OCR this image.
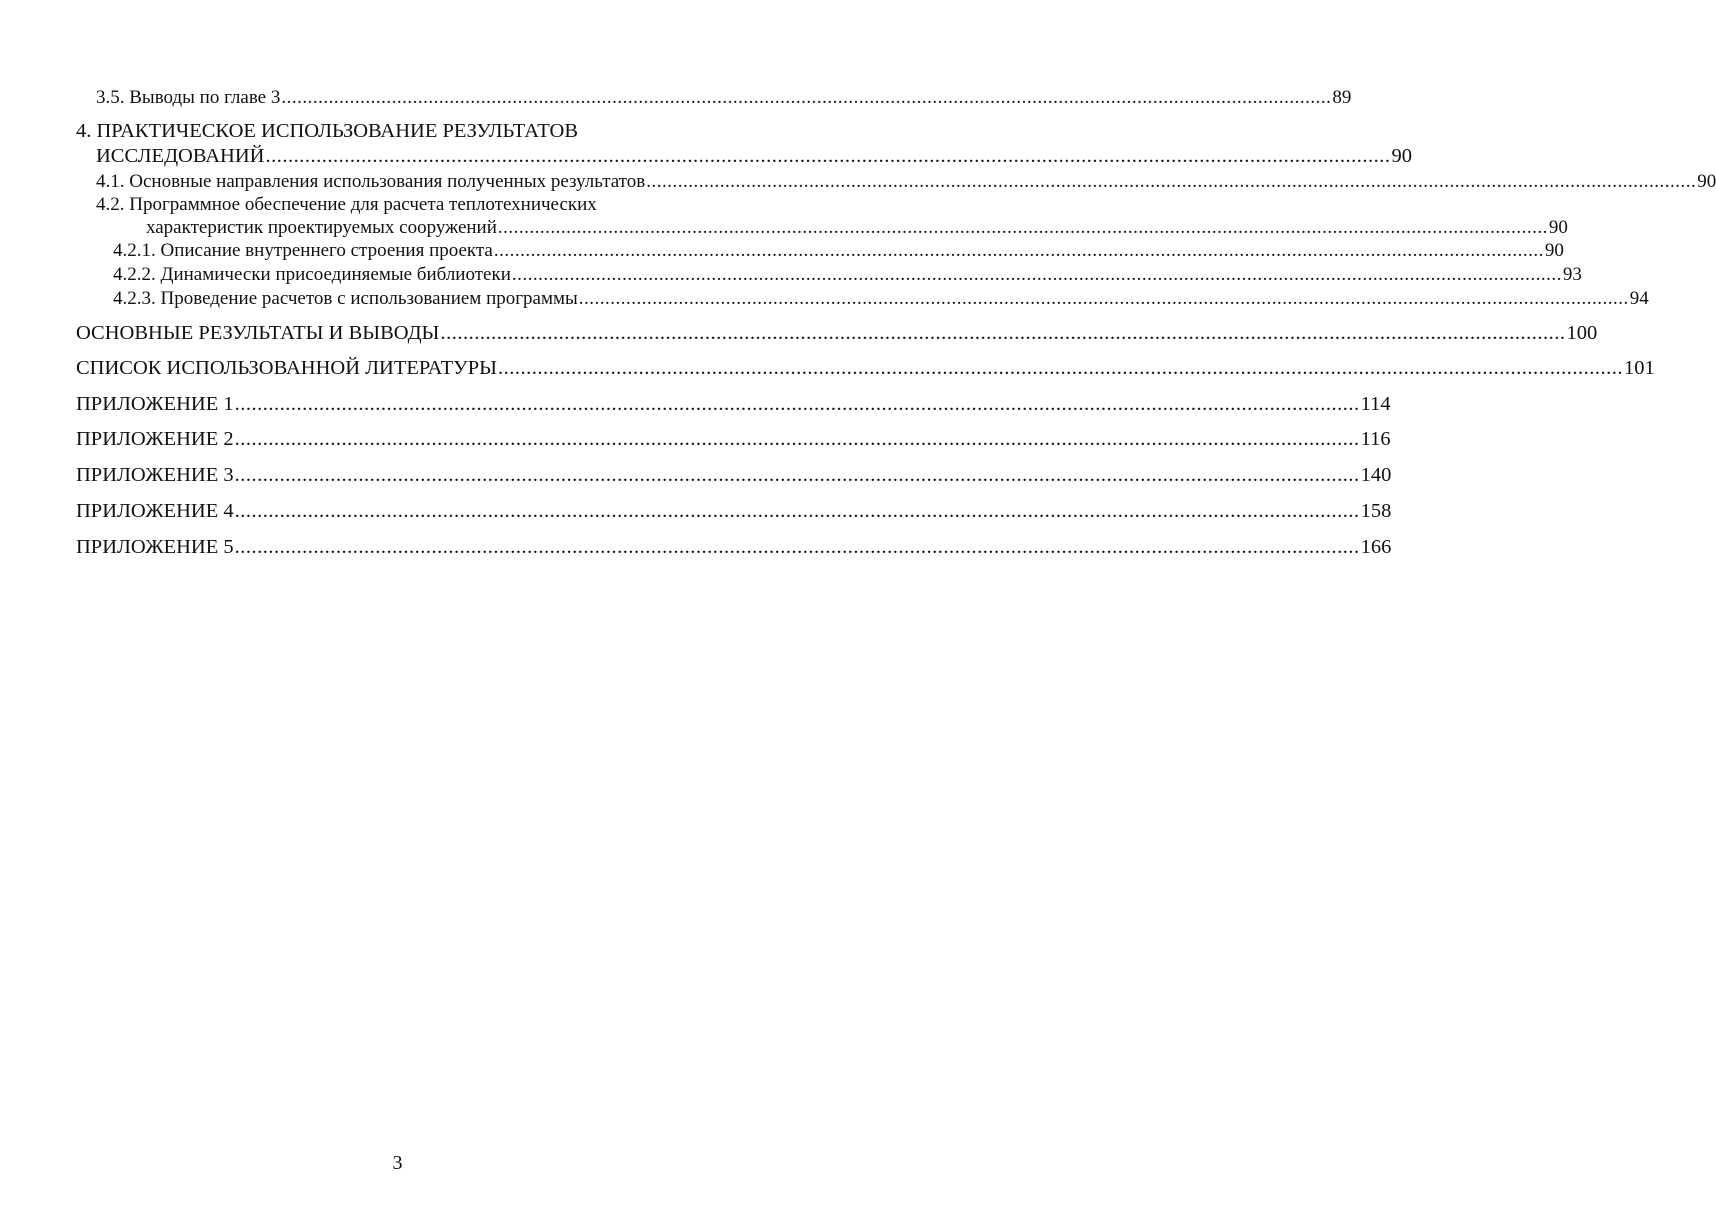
3.5. Выводы по главе 3 ........................................................................................................................................................................................................ 89
4. ПРАКТИЧЕСКОЕ ИСПОЛЬЗОВАНИЕ РЕЗУЛЬТАТОВ
ИССЛЕДОВАНИЙ ........................................................................................................................................................................................................ 90
4.1. Основные направления использования полученных результатов ........................................................................................................................................................................................................ 90
4.2. Программное обеспечение для расчета теплотехнических
характеристик проектируемых сооружений ........................................................................................................................................................................................................ 90
4.2.1. Описание внутреннего строения проекта ........................................................................................................................................................................................................ 90
4.2.2. Динамически присоединяемые библиотеки ........................................................................................................................................................................................................ 93
4.2.3. Проведение расчетов с использованием программы ........................................................................................................................................................................................................ 94
ОСНОВНЫЕ РЕЗУЛЬТАТЫ И ВЫВОДЫ ........................................................................................................................................................................................................ 100
СПИСОК ИСПОЛЬЗОВАННОЙ ЛИТЕРАТУРЫ ........................................................................................................................................................................................................ 101
ПРИЛОЖЕНИЕ 1 ........................................................................................................................................................................................................ 114
ПРИЛОЖЕНИЕ 2 ........................................................................................................................................................................................................ 116
ПРИЛОЖЕНИЕ 3 ........................................................................................................................................................................................................ 140
ПРИЛОЖЕНИЕ 4 ........................................................................................................................................................................................................ 158
ПРИЛОЖЕНИЕ 5 ........................................................................................................................................................................................................ 166
3
